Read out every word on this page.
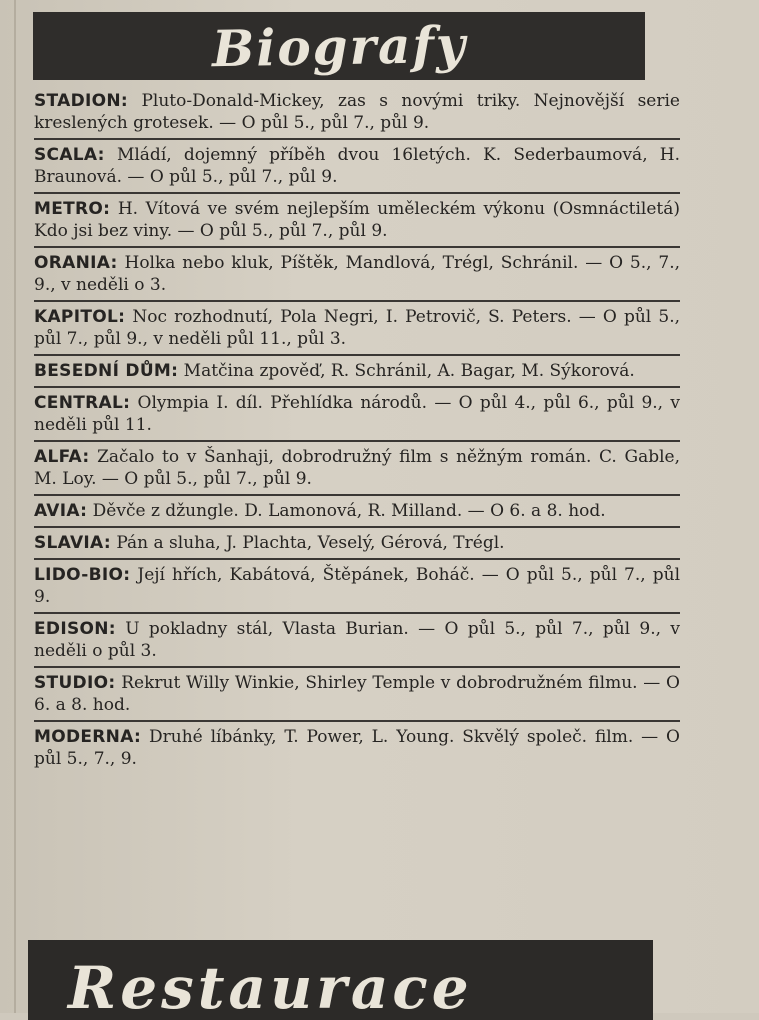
Biografy
STADION: Pluto-Donald-Mickey, zas s novými triky. Nejnovější serie kreslených grotesek. — O půl 5., půl 7., půl 9.
SCALA: Mládí, dojemný příběh dvou 16letých. K. Sederbaumová, H. Braunová. — O půl 5., půl 7., půl 9.
METRO: H. Vítová ve svém nejlepším uměleckém výkonu (Osmnáctiletá) Kdo jsi bez viny. — O půl 5., půl 7., půl 9.
ORANIA: Holka nebo kluk, Píštěk, Mandlová, Trégl, Schránil. — O 5., 7., 9., v neděli o 3.
KAPITOL: Noc rozhodnutí, Pola Negri, I. Petrovič, S. Peters. — O půl 5., půl 7., půl 9., v neděli půl 11., půl 3.
BESEDNÍ DŮM: Matčina zpověď, R. Schránil, A. Bagar, M. Sýkorová.
CENTRAL: Olympia I. díl. Přehlídka národů. — O půl 4., půl 6., půl 9., v neděli půl 11.
ALFA: Začalo to v Šanhaji, dobrodružný film s něžným román. C. Gable, M. Loy. — O půl 5., půl 7., půl 9.
AVIA: Děvče z džungle. D. Lamonová, R. Milland. — O 6. a 8. hod.
SLAVIA: Pán a sluha, J. Plachta, Veselý, Gérová, Trégl.
LIDO-BIO: Její hřích, Kabátová, Štěpánek, Boháč. — O půl 5., půl 7., půl 9.
EDISON: U pokladny stál, Vlasta Burian. — O půl 5., půl 7., půl 9., v neděli o půl 3.
STUDIO: Rekrut Willy Winkie, Shirley Temple v dobrodružném filmu. — O 6. a 8. hod.
MODERNA: Druhé líbánky, T. Power, L. Young. Skvělý společ. film. — O půl 5., 7., 9.
Restaurace
